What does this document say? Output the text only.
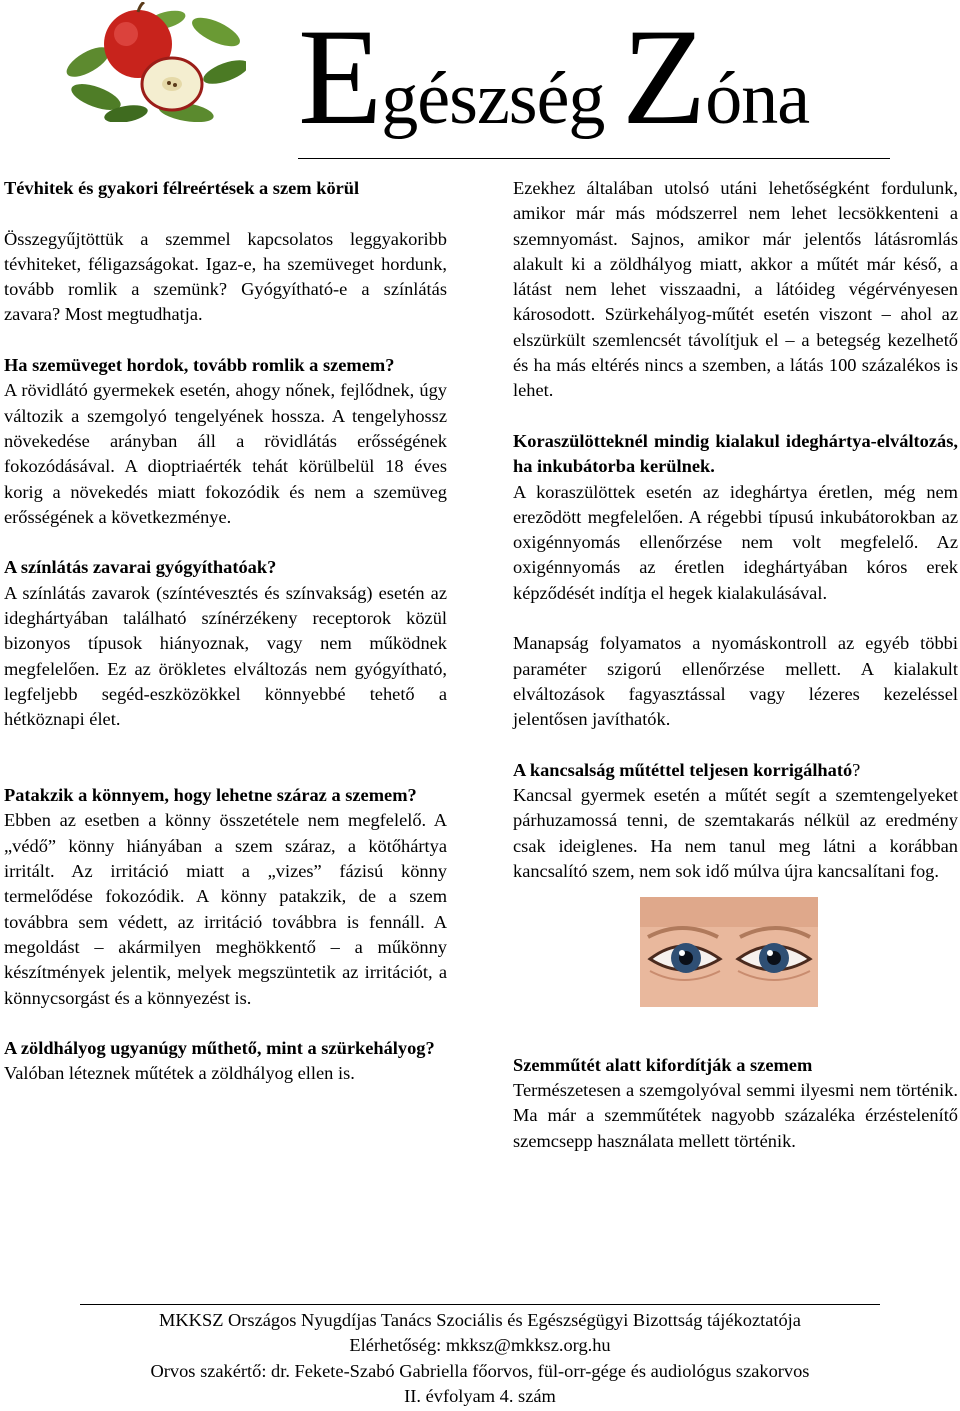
Egészség Zóna

Tévhitek és gyakori félreértések a szem körül

Összegyűjtöttük a szemmel kapcsolatos leggyakoribb tévhiteket, féligazságokat. Igaz-e, ha szemüveget hordunk, tovább romlik a szemünk? Gyógyítható-e a színlátás zavara? Most megtudhatja.

Ha szemüveget hordok, tovább romlik a szemem?

A rövidlátó gyermekek esetén, ahogy nőnek, fejlődnek, úgy változik a szemgolyó tengelyének hossza. A tengelyhossz növekedése arányban áll a rövidlátás erősségének fokozódásával. A dioptriaérték tehát körülbelül 18 éves korig a növekedés miatt fokozódik és nem a szemüveg erősségének a következménye.

A színlátás zavarai gyógyíthatóak?

A színlátás zavarok (színtévesztés és színvakság) esetén az ideghártyában található színérzékeny receptorok közül bizonyos típusok hiányoznak, vagy nem működnek megfelelően. Ez az örökletes elváltozás nem gyógyítható, legfeljebb segéd-eszközökkel könnyebbé tehető a hétköznapi élet.

Patakzik a könnyem, hogy lehetne száraz a szemem?

Ebben az esetben a könny összetétele nem megfelelő. A „védő” könny hiányában a szem száraz, a kötőhártya irritált. Az irritáció miatt a „vizes” fázisú könny termelődése fokozódik. A könny patakzik, de a szem továbbra sem védett, az irritáció továbbra is fennáll. A megoldást – akármilyen meghökkentő – a műkönny készítmények jelentik, melyek megszüntetik az irritációt, a könnycsorgást és a könnyezést is.

A zöldhályog ugyanúgy műthető, mint a szürkehályog?

Valóban léteznek műtétek a zöldhályog ellen is.

Ezekhez általában utolsó utáni lehetőségként fordulunk, amikor már más módszerrel nem lehet lecsökkenteni a szemnyomást. Sajnos, amikor már jelentős látásromlás alakult ki a zöldhályog miatt, akkor a műtét már késő, a látást nem lehet visszaadni, a látóideg végérvényesen károsodott. Szürkehályog-műtét esetén viszont – ahol az elszürkült szemlencsét távolítjuk el – a betegség kezelhető és ha más eltérés nincs a szemben, a látás 100 százalékos is lehet.

Koraszülötteknél mindig kialakul ideghártya-elváltozás, ha inkubátorba kerülnek.

A koraszülöttek esetén az ideghártya éretlen, még nem erezõdött megfelelően. A régebbi típusú inkubátorokban az oxigénnyomás ellenőrzése nem volt megfelelő. Az oxigénnyomás az éretlen ideghártyában kóros erek képződését indítja el hegek kialakulásával.

Manapság folyamatos a nyomáskontroll az egyéb többi paraméter szigorú ellenőrzése mellett. A kialakult elváltozások fagyasztással vagy lézeres kezeléssel jelentősen javíthatók.

A kancsalság műtéttel teljesen korrigálható?

Kancsal gyermek esetén a műtét segít a szemtengelyeket párhuzamossá tenni, de szemtakarás nélkül az eredmény csak ideiglenes. Ha nem tanul meg látni a korábban kancsalító szem, nem sok idő múlva újra kancsalítani fog.

Szemműtét alatt kifordítják a szemem

Természetesen a szemgolyóval semmi ilyesmi nem történik. Ma már a szemműtétek nagyobb százaléka érzéstelenítő szemcsepp használata mellett történik.

MKKSZ Országos Nyugdíjas Tanács Szociális és Egészségügyi Bizottság tájékoztatója
Elérhetőség: mkksz@mkksz.org.hu
Orvos szakértő: dr. Fekete-Szabó Gabriella főorvos, fül-orr-gége és audiológus szakorvos
II. évfolyam 4. szám
